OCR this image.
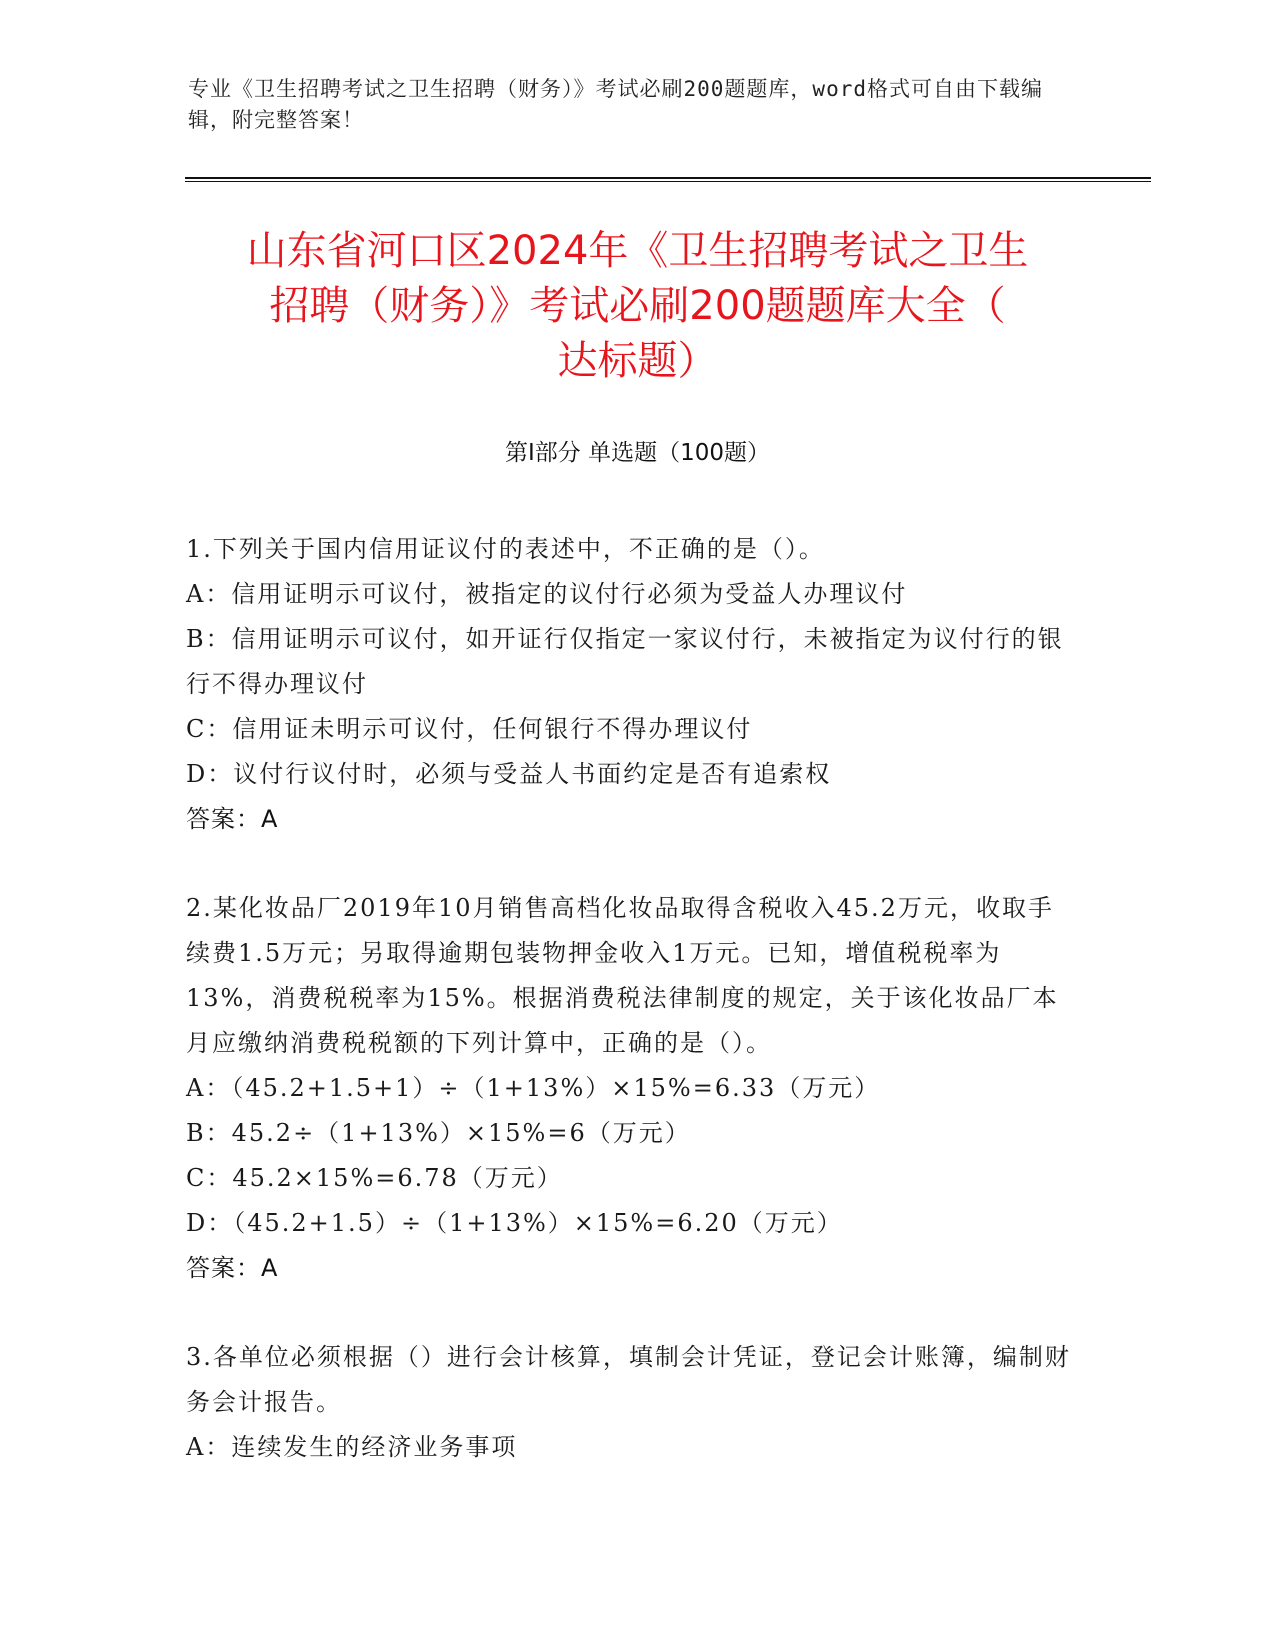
专业《卫生招聘考试之卫生招聘（财务）》考试必刷200题题库，word格式可自由下载编辑，附完整答案！
山东省河口区2024年《卫生招聘考试之卫生
招聘（财务）》考试必刷200题题库大全（
达标题）
第I部分 单选题（100题）
1.下列关于国内信用证议付的表述中，不正确的是（）。
A：信用证明示可议付，被指定的议付行必须为受益人办理议付
B：信用证明示可议付，如开证行仅指定一家议付行，未被指定为议付行的银行不得办理议付
C：信用证未明示可议付，任何银行不得办理议付
D：议付行议付时，必须与受益人书面约定是否有追索权
答案：A
2.某化妆品厂2019年10月销售高档化妆品取得含税收入45.2万元，收取手续费1.5万元；另取得逾期包装物押金收入1万元。已知，增值税税率为13%，消费税税率为15%。根据消费税法律制度的规定，关于该化妆品厂本月应缴纳消费税税额的下列计算中，正确的是（）。
A：（45.2+1.5+1）÷（1+13%）×15%=6.33（万元）
B：45.2÷（1+13%）×15%=6（万元）
C：45.2×15%=6.78（万元）
D：（45.2+1.5）÷（1+13%）×15%=6.20（万元）
答案：A
3.各单位必须根据（）进行会计核算，填制会计凭证，登记会计账簿，编制财务会计报告。
A：连续发生的经济业务事项
